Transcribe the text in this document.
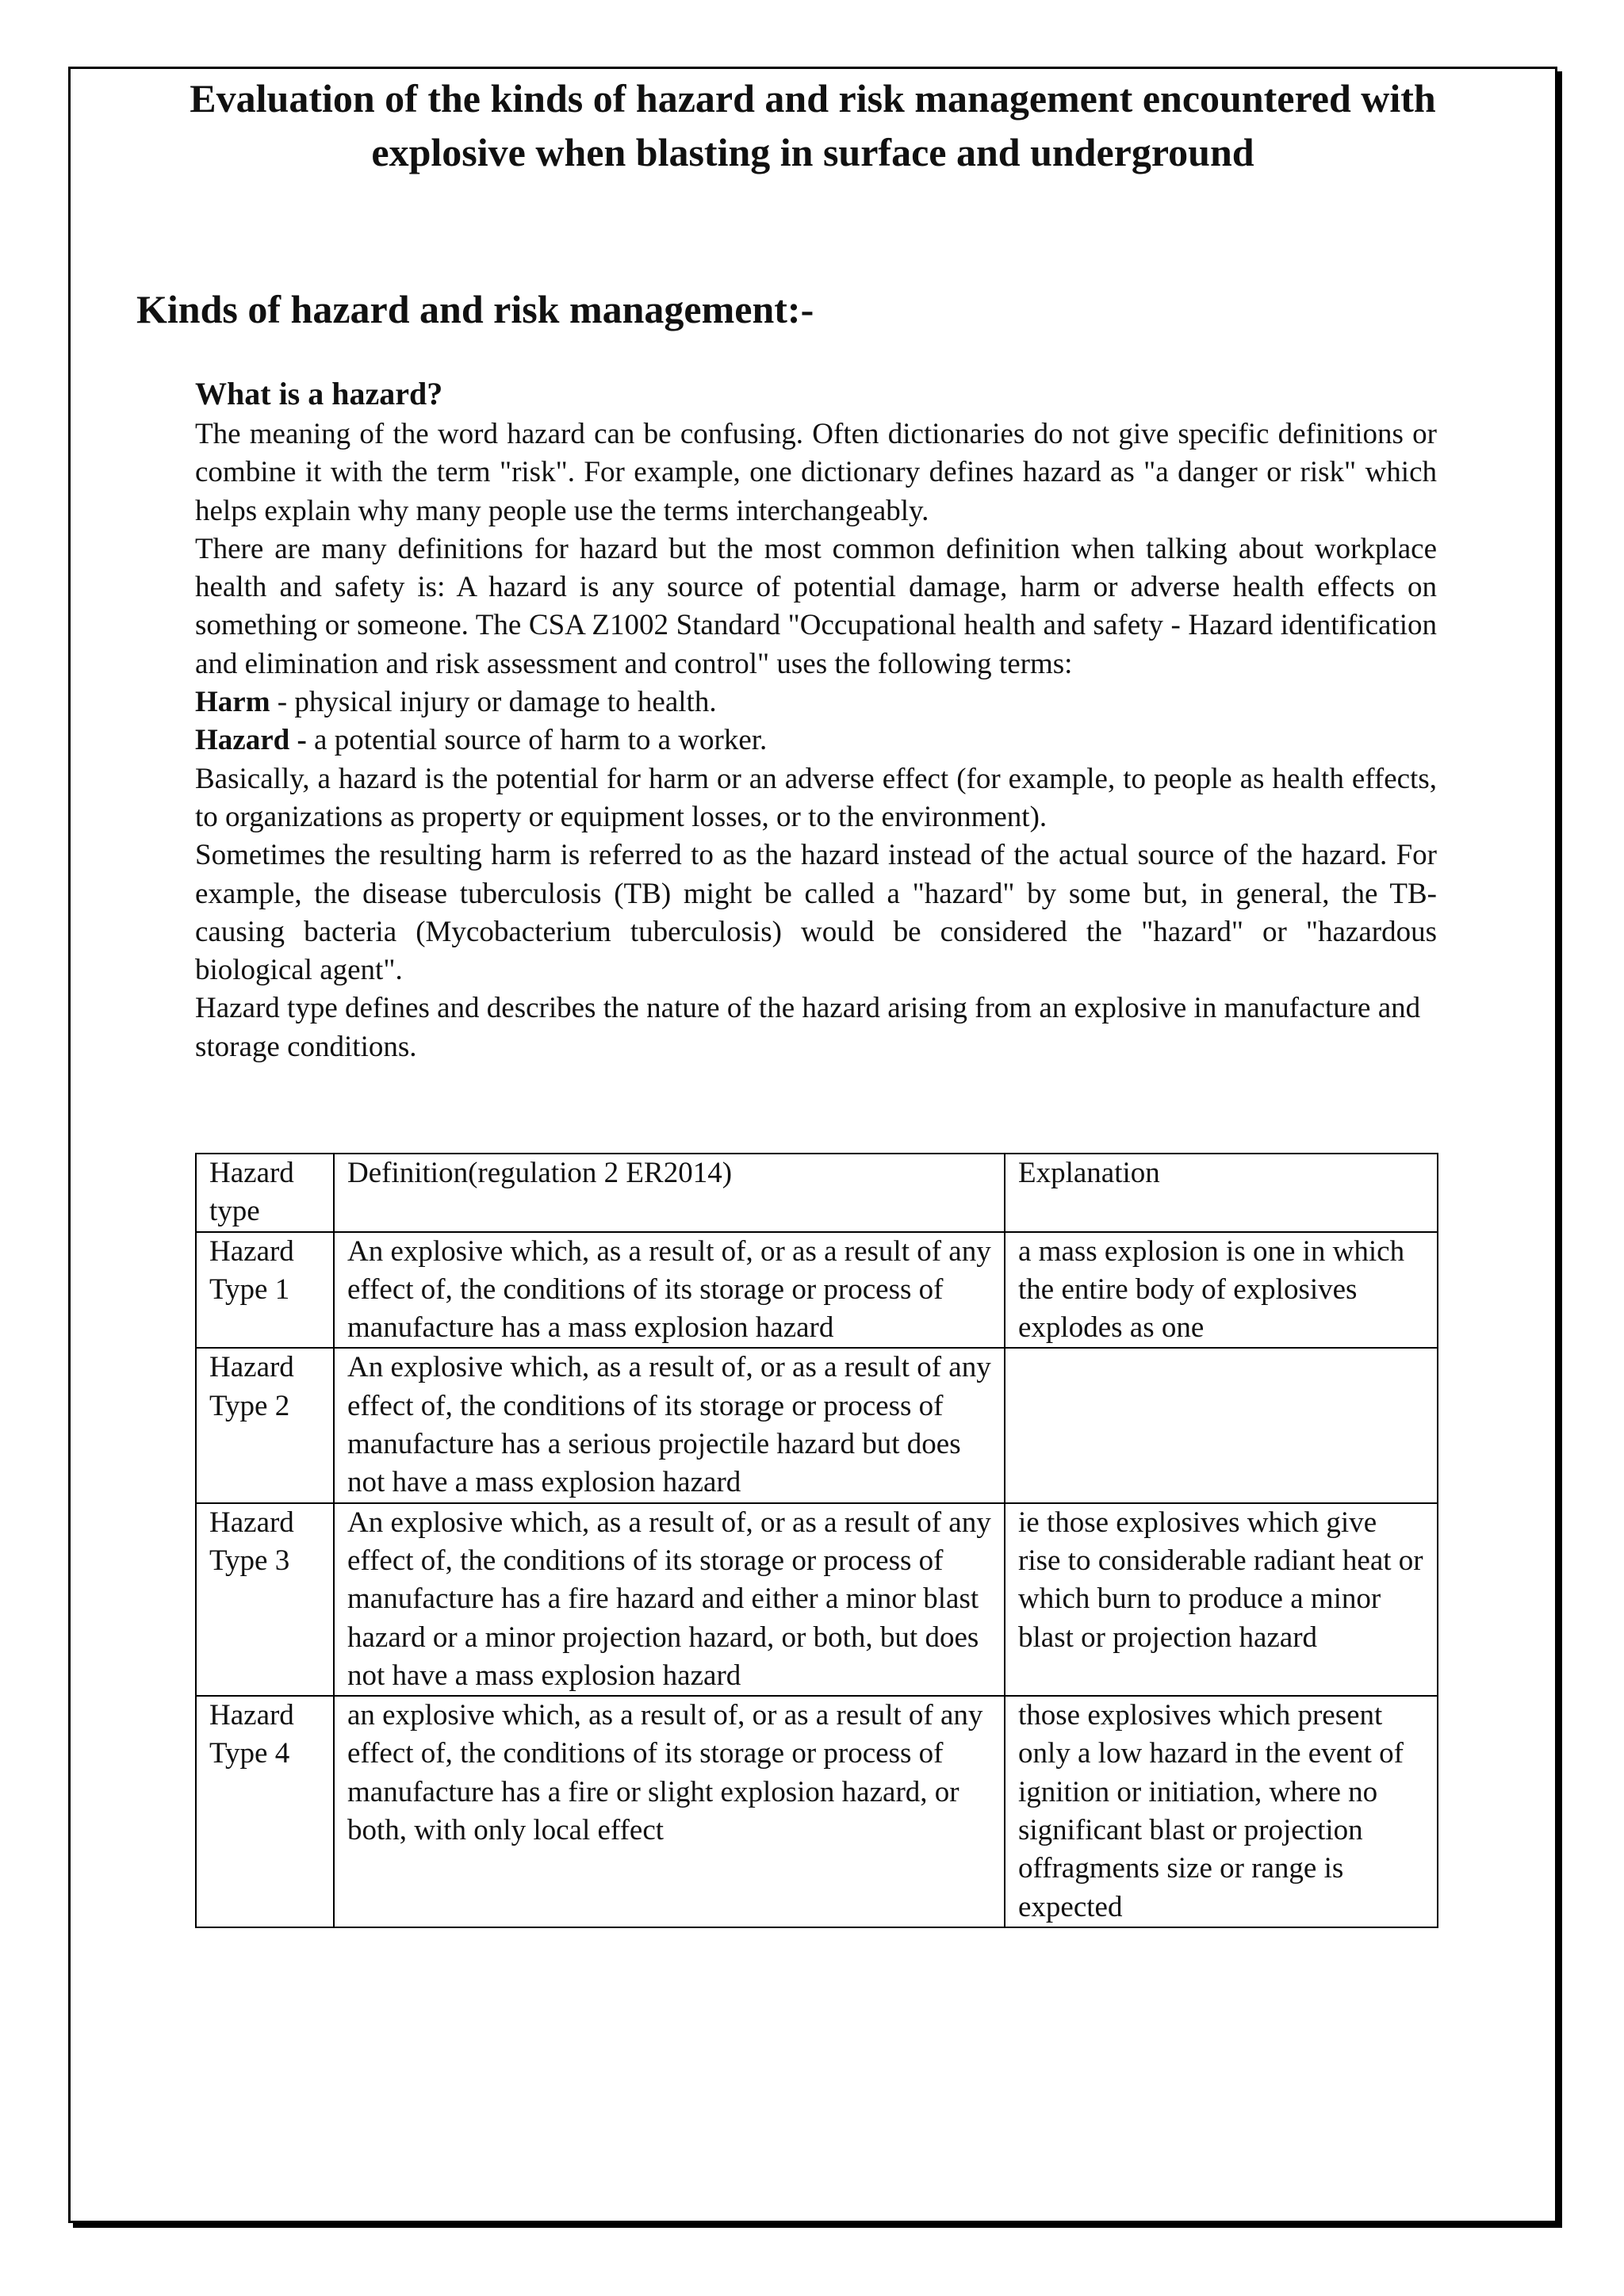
Evaluation of the kinds of hazard and risk management encountered with
explosive when blasting in surface and underground
Kinds of hazard and risk management:-
What is a hazard?

The meaning of the word hazard can be confusing. Often dictionaries do not give specific definitions or combine it with the term "risk". For example, one dictionary defines hazard as "a danger or risk" which helps explain why many people use the terms interchangeably.

There are many definitions for hazard but the most common definition when talking about workplace health and safety is: A hazard is any source of potential damage, harm or adverse health effects on something or someone. The CSA Z1002 Standard "Occupational health and safety - Hazard identification and elimination and risk assessment and control" uses the following terms:

Harm - physical injury or damage to health.

Hazard - a potential source of harm to a worker.

Basically, a hazard is the potential for harm or an adverse effect (for example, to people as health effects, to organizations as property or equipment losses, or to the environment).

Sometimes the resulting harm is referred to as the hazard instead of the actual source of the hazard. For example, the disease tuberculosis (TB) might be called a "hazard" by some but, in general, the TB-causing bacteria (Mycobacterium tuberculosis) would be considered the "hazard" or "hazardous biological agent".

Hazard type defines and describes the nature of the hazard arising from an explosive in manufacture and storage conditions.

Hazard type	Definition(regulation 2 ER2014)	Explanation
Hazard Type 1	An explosive which, as a result of, or as a result of any effect of, the conditions of its storage or process of manufacture has a mass explosion hazard	a mass explosion is one in which the entire body of explosives explodes as one
Hazard Type 2	An explosive which, as a result of, or as a result of any effect of, the conditions of its storage or process of manufacture has a serious projectile hazard but does not have a mass explosion hazard	
Hazard Type 3	An explosive which, as a result of, or as a result of any effect of, the conditions of its storage or process of manufacture has a fire hazard and either a minor blast hazard or a minor projection hazard, or both, but does not have a mass explosion hazard	ie those explosives which give rise to considerable radiant heat or which burn to produce a minor blast or projection hazard
Hazard Type 4	an explosive which, as a result of, or as a result of any effect of, the conditions of its storage or process of manufacture has a fire or slight explosion hazard, or both, with only local effect	those explosives which present only a low hazard in the event of ignition or initiation, where no significant blast or projection offragments size or range is expected
